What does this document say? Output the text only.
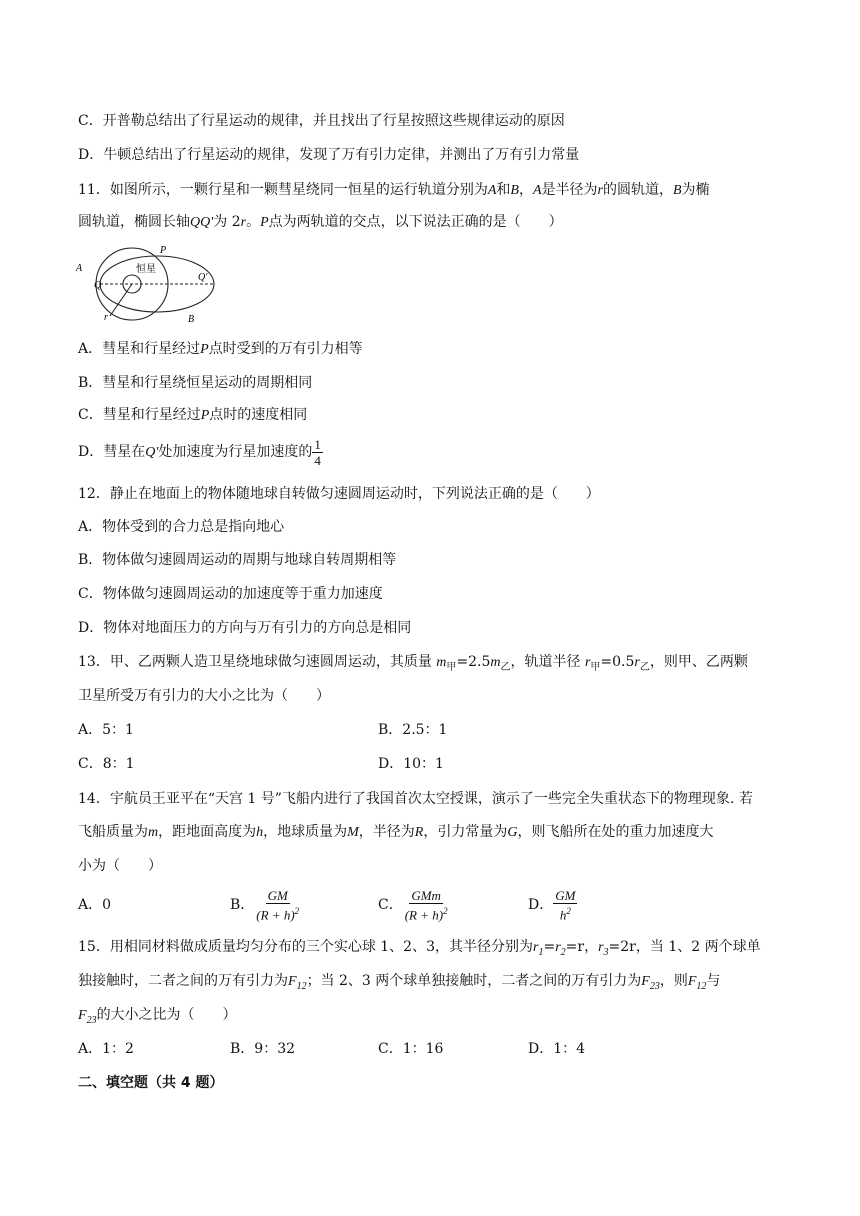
C．开普勒总结出了行星运动的规律，并且找出了行星按照这些规律运动的原因
D．牛顿总结出了行星运动的规律，发现了万有引力定律，并测出了万有引力常量
11．如图所示，一颗行星和一颗彗星绕同一恒星的运行轨道分别为A和B，A是半径为r的圆轨道，B为椭
圆轨道，椭圆长轴QQ′为 2r。P点为两轨道的交点，以下说法正确的是（　　）
P
A	恒星
Q
Q′
B
r
A．彗星和行星经过P点时受到的万有引力相等
B．彗星和行星绕恒星运动的周期相同
C．彗星和行星经过P点时的速度相同
D．彗星在Q′处加速度为行星加速度的 $\frac{1}{4}$
12．静止在地面上的物体随地球自转做匀速圆周运动时，下列说法正确的是（　　）
A．物体受到的合力总是指向地心
B．物体做匀速圆周运动的周期与地球自转周期相等
C．物体做匀速圆周运动的加速度等于重力加速度
D．物体对地面压力的方向与万有引力的方向总是相同
13．甲、乙两颗人造卫星绕地球做匀速圆周运动，其质量 $m_甲=2.5m_乙$，轨道半径 $r_甲=0.5r_乙$，则甲、乙两颗
卫星所受万有引力的大小之比为（　　）
A．5：1	B．2.5：1
C．8：1	D．10：1
14．宇航员王亚平在“天宫 1 号”飞船内进行了我国首次太空授课，演示了一些完全失重状态下的物理现象. 若
飞船质量为m，距地面高度为h，地球质量为M，半径为R，引力常量为G，则飞船所在处的重力加速度大
小为（　　）
A．0	B． $\frac{GM}{(R + h)^2}$	C． $\frac{\text{GMm}}{(R + h)^2}$	D． $\frac{GM}{h^2}$
15．用相同材料做成质量均匀分布的三个实心球 1、2、3，其半径分别为$r_1=r_2=r$，$r_3=2r$，当 1、2 两个球单
独接触时，二者之间的万有引力为$F_{12}$；当 2、3 两个球单独接触时，二者之间的万有引力为$F_{23}$，则$F_{12}$与
$F_{23}$的大小之比为（　　）
A．1：2	B．9：32	C．1：16	D．1：4
二、填空题（共 4 题）
